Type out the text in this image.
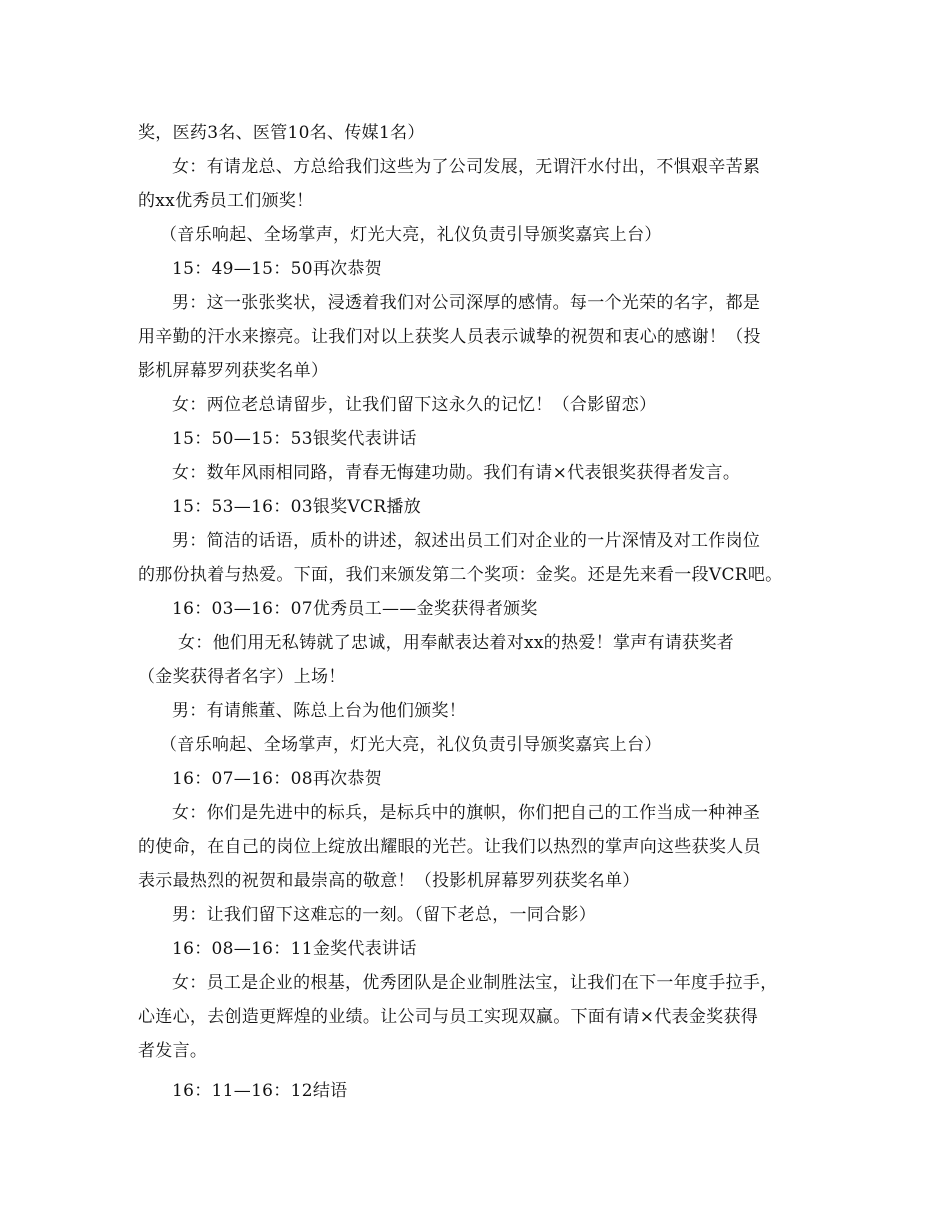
奖，医药3名、医管10名、传媒1名）
女：有请龙总、方总给我们这些为了公司发展，无谓汗水付出，不惧艰辛苦累
的xx优秀员工们颁奖！
（音乐响起、全场掌声，灯光大亮，礼仪负责引导颁奖嘉宾上台）
15：49—15：50再次恭贺
男：这一张张奖状，浸透着我们对公司深厚的感情。每一个光荣的名字，都是
用辛勤的汗水来擦亮。让我们对以上获奖人员表示诚挚的祝贺和衷心的感谢！（投
影机屏幕罗列获奖名单）
女：两位老总请留步，让我们留下这永久的记忆！（合影留恋）
15：50—15：53银奖代表讲话
女：数年风雨相同路，青春无悔建功勋。我们有请×代表银奖获得者发言。
15：53—16：03银奖VCR播放
男：简洁的话语，质朴的讲述，叙述出员工们对企业的一片深情及对工作岗位
的那份执着与热爱。下面，我们来颁发第二个奖项：金奖。还是先来看一段VCR吧。
16：03—16：07优秀员工——金奖获得者颁奖
女：他们用无私铸就了忠诚，用奉献表达着对xx的热爱！掌声有请获奖者
（金奖获得者名字）上场！
男：有请熊董、陈总上台为他们颁奖！
（音乐响起、全场掌声，灯光大亮，礼仪负责引导颁奖嘉宾上台）
16：07—16：08再次恭贺
女：你们是先进中的标兵，是标兵中的旗帜，你们把自己的工作当成一种神圣
的使命，在自己的岗位上绽放出耀眼的光芒。让我们以热烈的掌声向这些获奖人员
表示最热烈的祝贺和最崇高的敬意！（投影机屏幕罗列获奖名单）
男：让我们留下这难忘的一刻。（留下老总，一同合影）
16：08—16：11金奖代表讲话
女：员工是企业的根基，优秀团队是企业制胜法宝，让我们在下一年度手拉手，
心连心，去创造更辉煌的业绩。让公司与员工实现双赢。下面有请×代表金奖获得
者发言。
16：11—16：12结语
